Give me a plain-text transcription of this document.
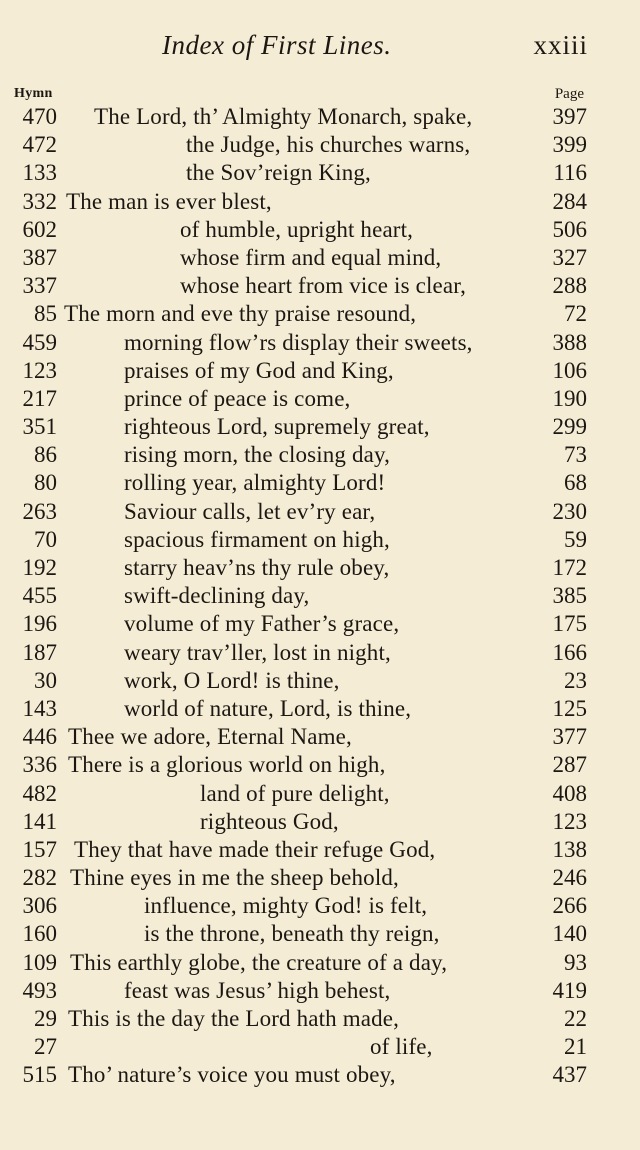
Index of First Lines.	xxiii
Hymn	Page
470 The Lord, th’ Almighty Monarch, spake,	397
472	the Judge, his churches warns,	399
133	the Sov’reign King,	116
332 The man is ever blest,	284
602	of humble, upright heart,	506
387	whose firm and equal mind,	327
337	whose heart from vice is clear,	288
85 The morn and eve thy praise resound,	72
459	morning flow’rs display their sweets,	388
123	praises of my God and King,	106
217	prince of peace is come,	190
351	righteous Lord, supremely great,	299
86	rising morn, the closing day,	73
80	rolling year, almighty Lord!	68
263	Saviour calls, let ev’ry ear,	230
70	spacious firmament on high,	59
192	starry heav’ns thy rule obey,	172
455	swift-declining day,	385
196	volume of my Father’s grace,	175
187	weary trav’ller, lost in night,	166
30	work, O Lord! is thine,	23
143	world of nature, Lord, is thine,	125
446 Thee we adore, Eternal Name,	377
336 There is a glorious world on high,	287
482	land of pure delight,	408
141	righteous God,	123
157 They that have made their refuge God,	138
282 Thine eyes in me the sheep behold,	246
306	influence, mighty God! is felt,	266
160	is the throne, beneath thy reign,	140
109 This earthly globe, the creature of a day,	93
493	feast was Jesus’ high behest,	419
29 This is the day the Lord hath made,	22
27	of life,	21
515 Tho’ nature’s voice you must obey,	437
